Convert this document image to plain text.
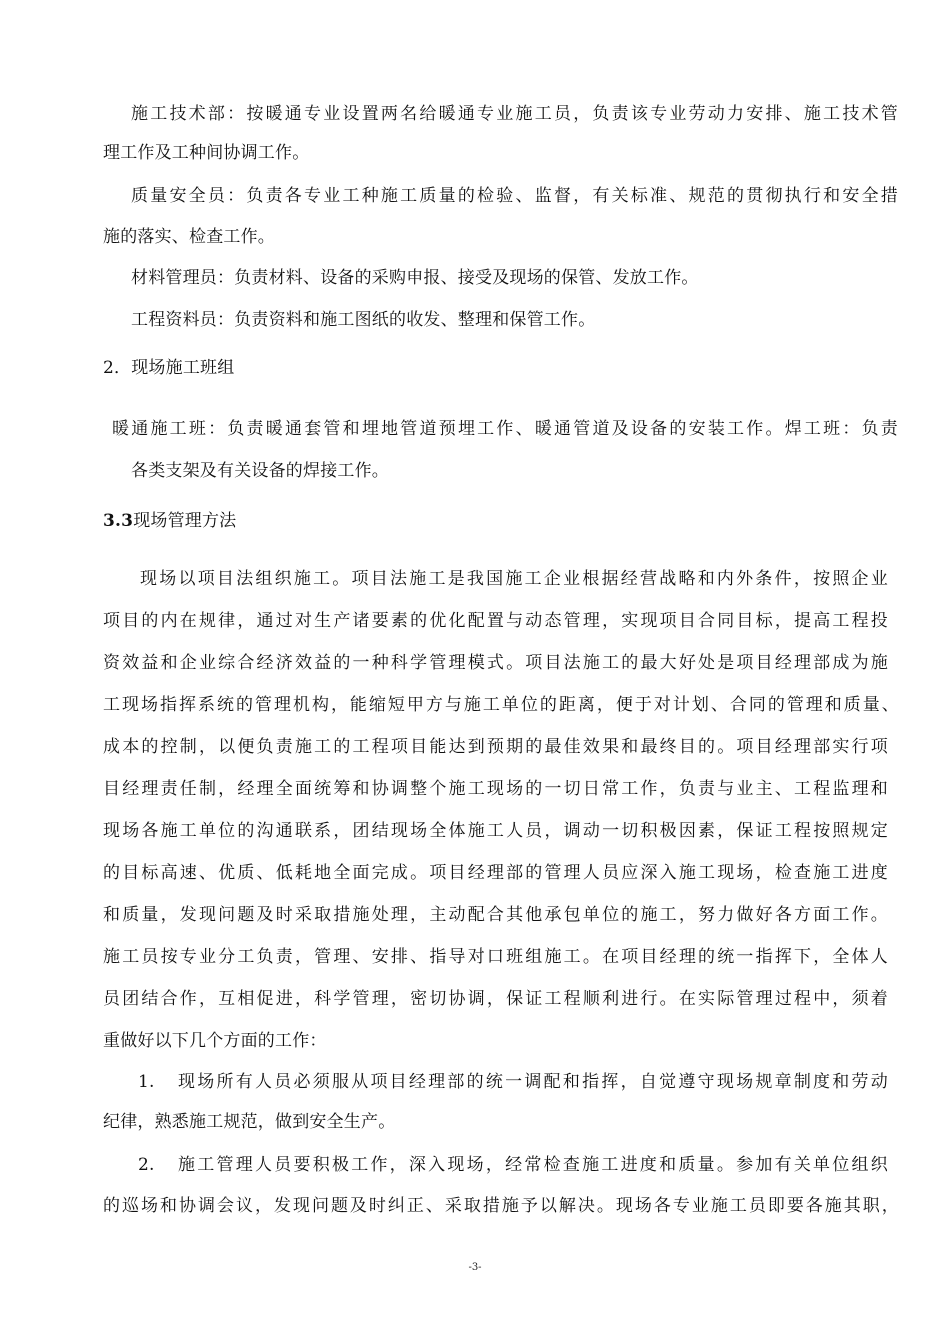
施工技术部：按暖通专业设置两名给暖通专业施工员，负责该专业劳动力安排、施工技术管
理工作及工种间协调工作。
质量安全员：负责各专业工种施工质量的检验、监督，有关标准、规范的贯彻执行和安全措
施的落实、检查工作。
材料管理员：负责材料、设备的采购申报、接受及现场的保管、发放工作。
工程资料员：负责资料和施工图纸的收发、整理和保管工作。
2．现场施工班组
暖通施工班：负责暖通套管和埋地管道预埋工作、暖通管道及设备的安装工作。焊工班：负责
各类支架及有关设备的焊接工作。
3.3现场管理方法
现场以项目法组织施工。项目法施工是我国施工企业根据经营战略和内外条件，按照企业
项目的内在规律，通过对生产诸要素的优化配置与动态管理，实现项目合同目标，提高工程投
资效益和企业综合经济效益的一种科学管理模式。项目法施工的最大好处是项目经理部成为施
工现场指挥系统的管理机构，能缩短甲方与施工单位的距离，便于对计划、合同的管理和质量、
成本的控制，以便负责施工的工程项目能达到预期的最佳效果和最终目的。项目经理部实行项
目经理责任制，经理全面统筹和协调整个施工现场的一切日常工作，负责与业主、工程监理和
现场各施工单位的沟通联系，团结现场全体施工人员，调动一切积极因素，保证工程按照规定
的目标高速、优质、低耗地全面完成。项目经理部的管理人员应深入施工现场，检查施工进度
和质量，发现问题及时采取措施处理，主动配合其他承包单位的施工，努力做好各方面工作。
施工员按专业分工负责，管理、安排、指导对口班组施工。在项目经理的统一指挥下，全体人
员团结合作，互相促进，科学管理，密切协调，保证工程顺利进行。在实际管理过程中，须着
重做好以下几个方面的工作：
1. 现场所有人员必须服从项目经理部的统一调配和指挥，自觉遵守现场规章制度和劳动
纪律，熟悉施工规范，做到安全生产。
2. 施工管理人员要积极工作，深入现场，经常检查施工进度和质量。参加有关单位组织
的巡场和协调会议，发现问题及时纠正、采取措施予以解决。现场各专业施工员即要各施其职，
-3-
